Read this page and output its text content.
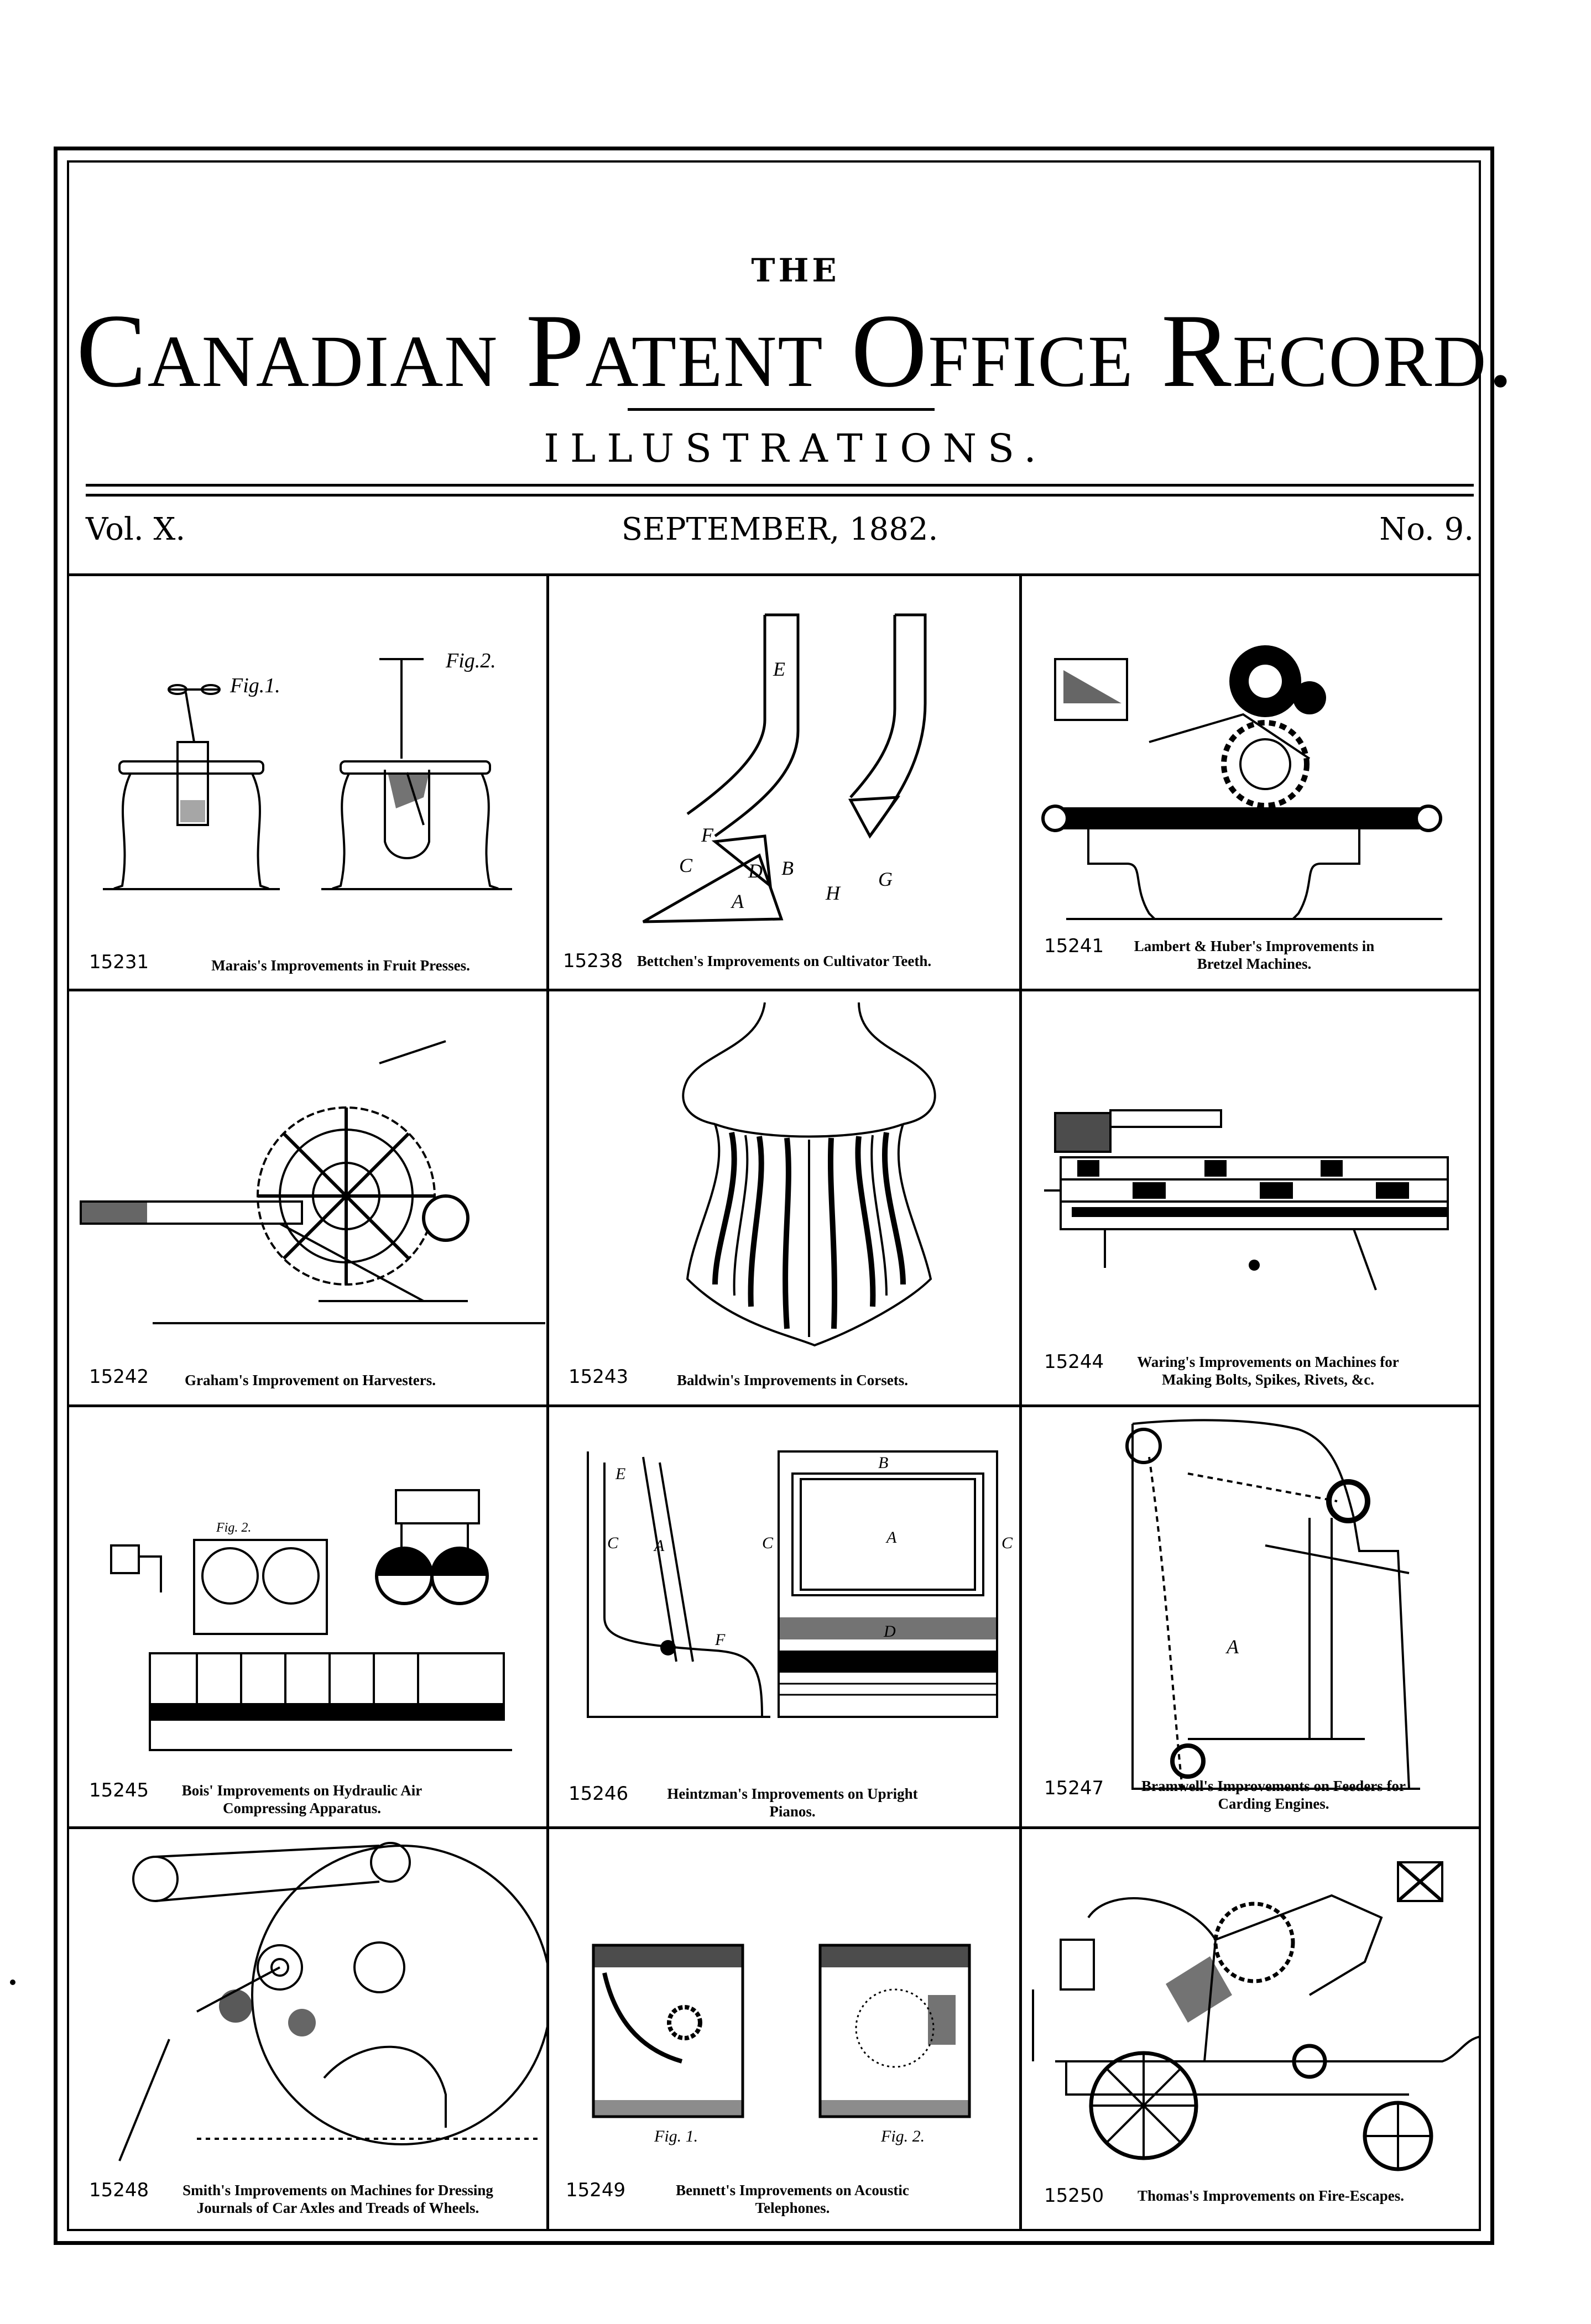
THE
Canadian Patent Office Record.
ILLUSTRATIONS.
Vol. X.	SEPTEMBER, 1882.	No. 9.
Fig.1.
Fig.2.
15231	Marais's Improvements in Fruit Presses.
A
B
C	D
E
F
G
H
15238 Bettchen's Improvements on Cultivator Teeth.
15241 Lambert & Huber's Improvements in Bretzel Machines.
15242	Graham's Improvement on Harvesters.	15243	Baldwin's Improvements in Corsets.
15244	Waring's Improvements on Machines for Making Bolts, Spikes, Rivets, &c.
Fig. 2.
15245 Bois' Improvements on Hydraulic Air Compressing Apparatus.
A
A
B
C	C	C
D
E
F
15246	Heintzman's Improvements on Upright Pianos.
A
15247	Bramwell's Improvements on Feeders for Carding Engines.
15248	Smith's Improvements on Machines for Dressing Journals of Car Axles and Treads of Wheels.
Fig. 1.	Fig. 2.
15249	Bennett's Improvements on Acoustic Telephones.
15250	Thomas's Improvements on Fire-Escapes.
